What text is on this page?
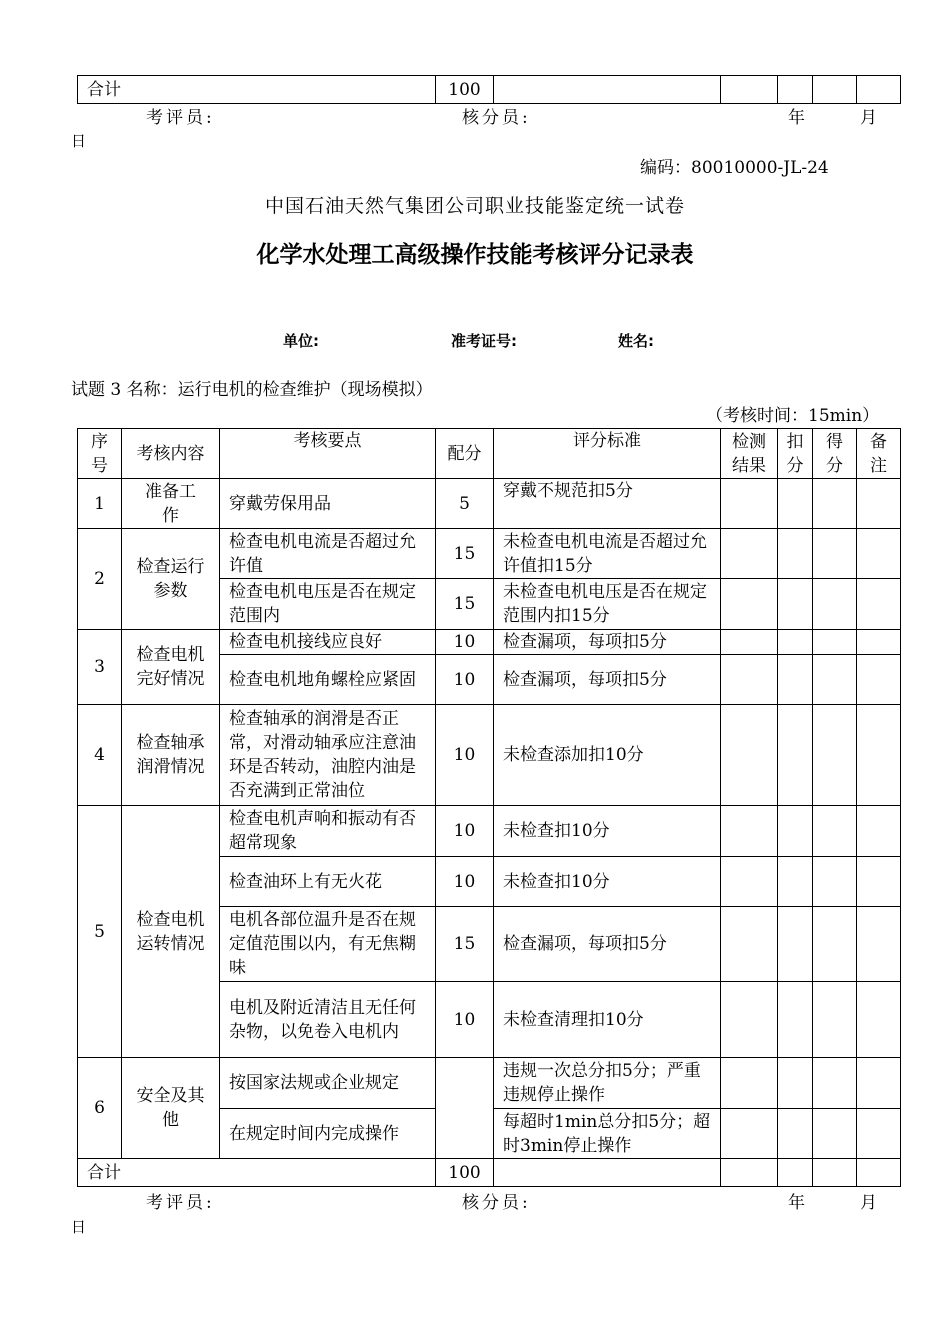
合计	100					
考评员:	核分员:	年	月
日
编码：80010000-JL-24
中国石油天然气集团公司职业技能鉴定统一试卷
化学水处理工高级操作技能考核评分记录表
单位:	准考证号:	姓名:
试题 3 名称：运行电机的检查维护（现场模拟）
（考核时间：15min）
序号	考核内容	考核要点	配分	评分标准	检测结果	扣分	得分	备注
1	准备工作	穿戴劳保用品	5	穿戴不规范扣5分				
2	检查运行参数	检查电机电流是否超过允许值	15	未检查电机电流是否超过允许值扣15分				
		检查电机电压是否在规定范围内	15	未检查电机电压是否在规定范围内扣15分				
3	检查电机完好情况	检查电机接线应良好	10	检查漏项，每项扣5分				
		检查电机地角螺栓应紧固	10	检查漏项，每项扣5分				
4	检查轴承润滑情况	检查轴承的润滑是否正常，对滑动轴承应注意油环是否转动，油腔内油是否充满到正常油位	10	未检查添加扣10分				
5	检查电机运转情况	检查电机声响和振动有否超常现象	10	未检查扣10分				
		检查油环上有无火花	10	未检查扣10分				
		电机各部位温升是否在规定值范围以内，有无焦糊味	15	检查漏项，每项扣5分				
		电机及附近清洁且无任何杂物，以免卷入电机内	10	未检查清理扣10分				
6	安全及其他	按国家法规或企业规定		违规一次总分扣5分；严重违规停止操作				
		在规定时间内完成操作		每超时1min总分扣5分；超时3min停止操作				
合计			100					
考评员:	核分员:	年	月
日
